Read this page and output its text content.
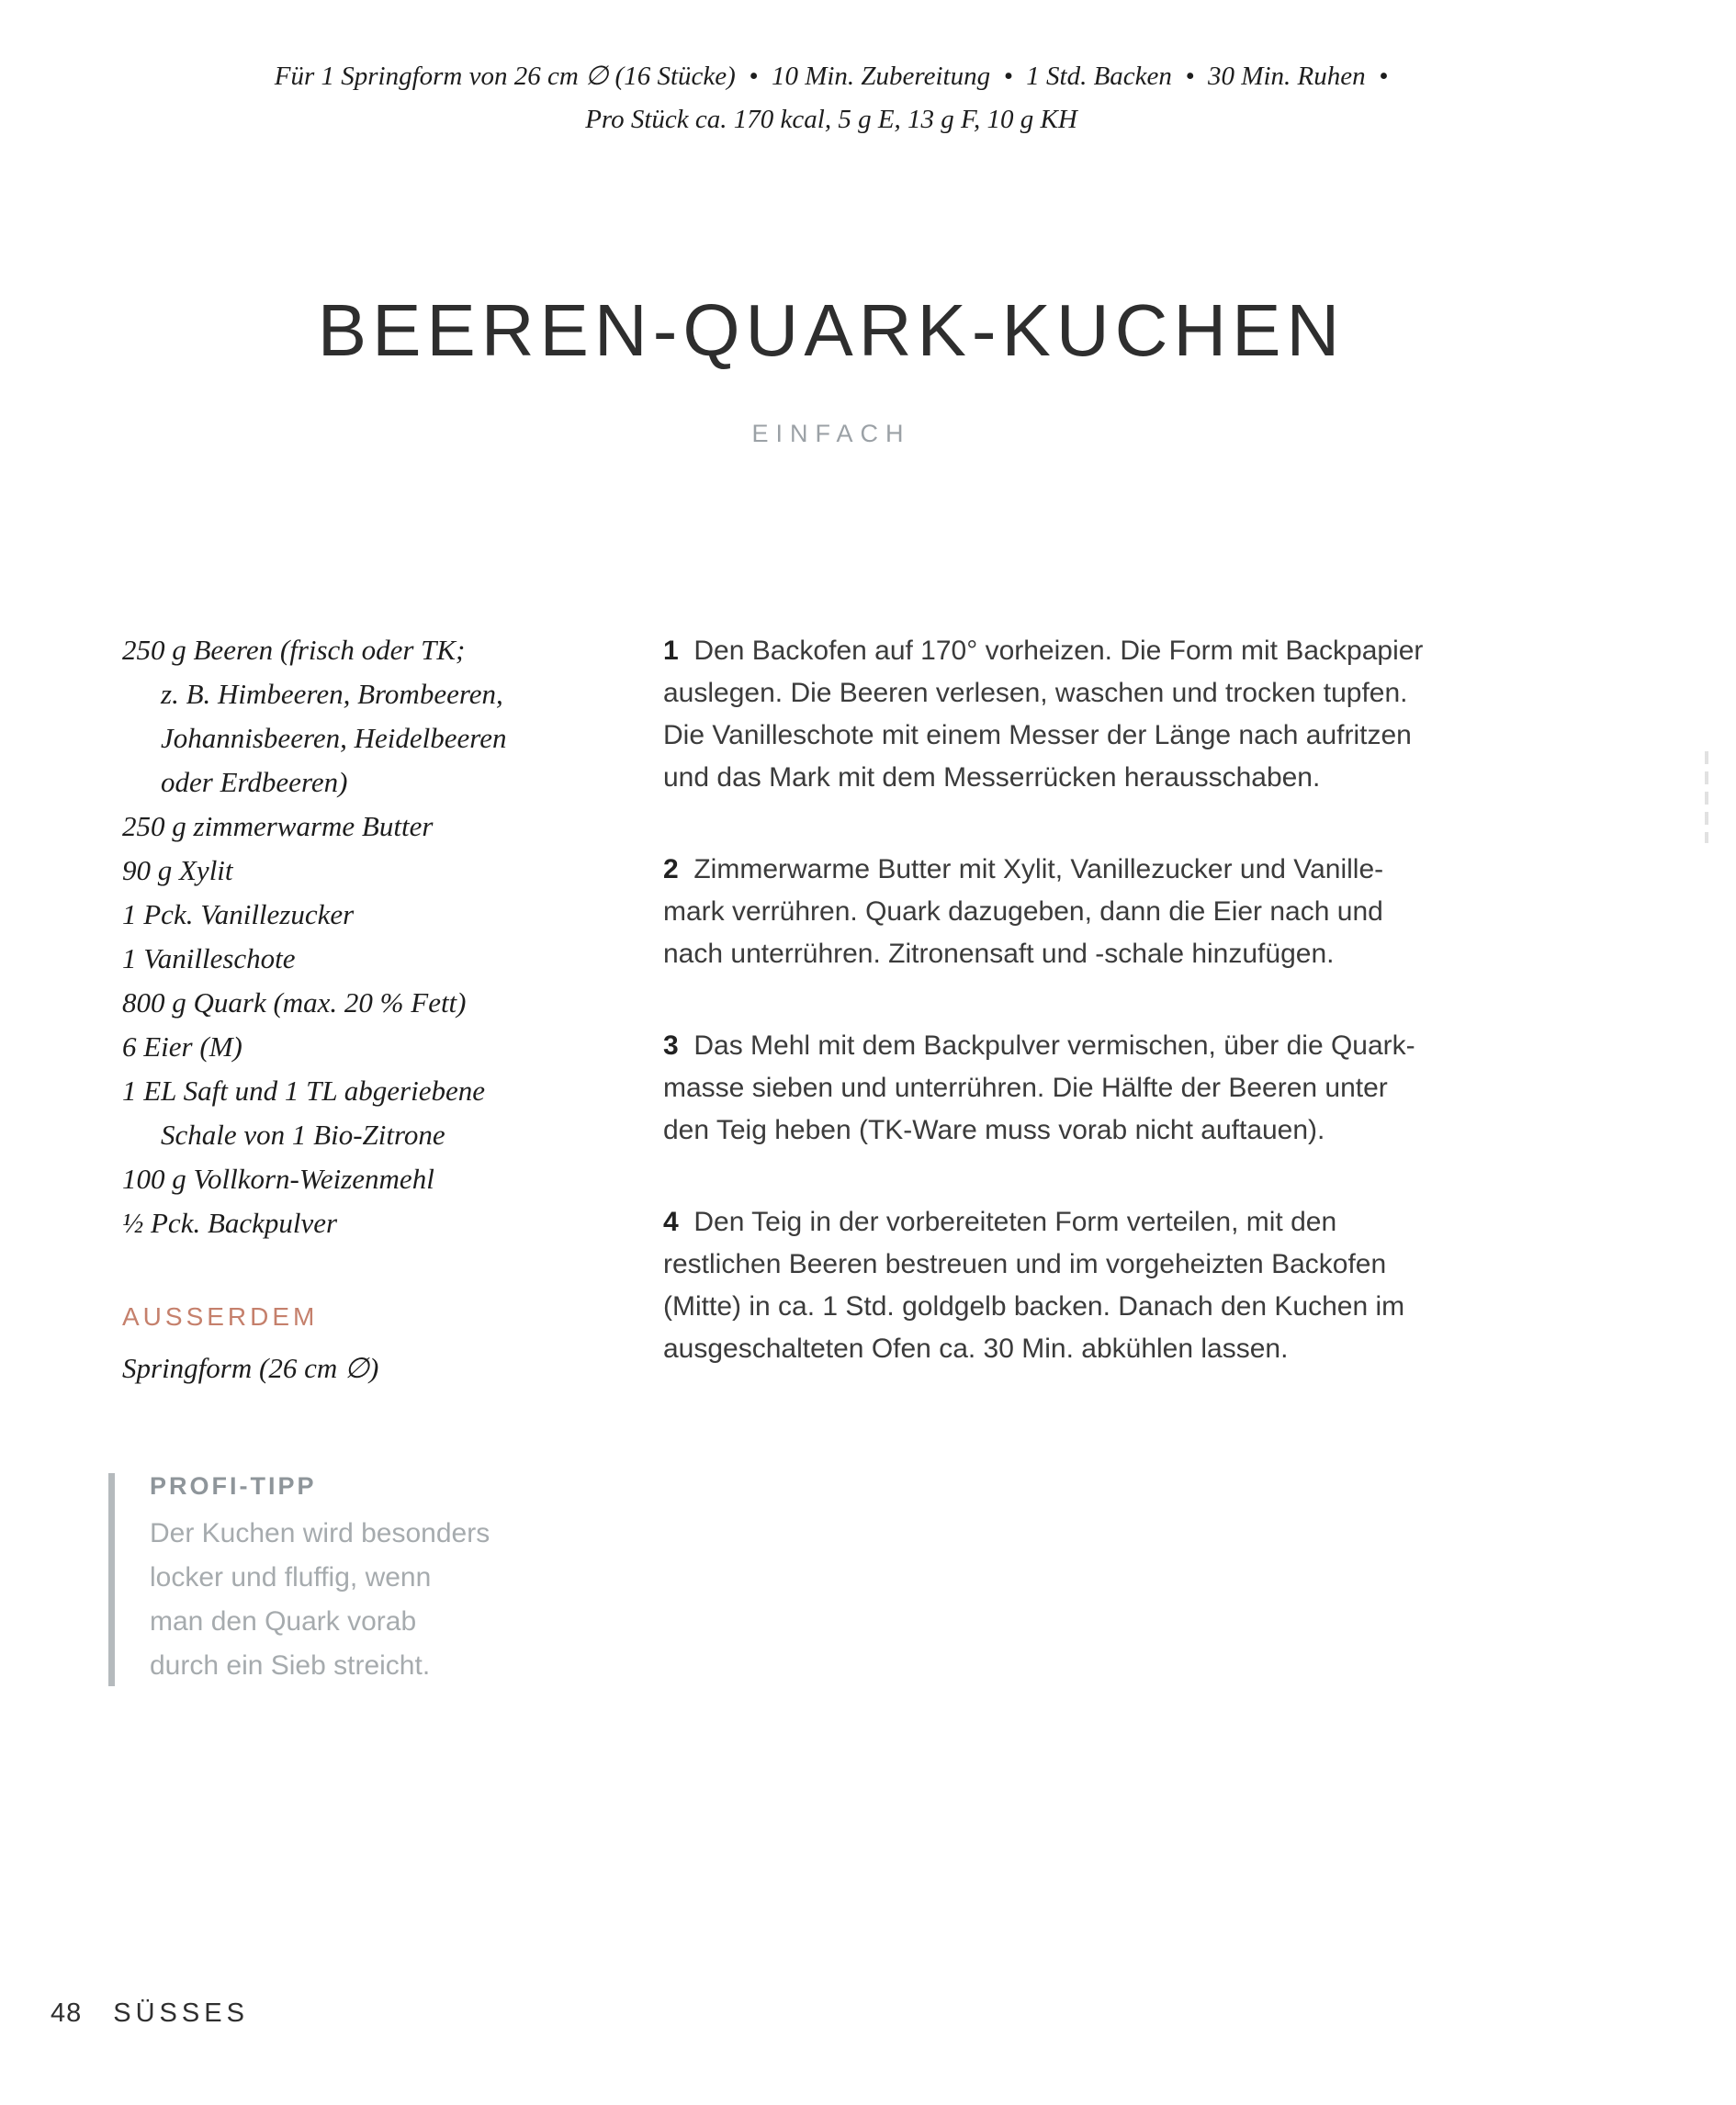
Für 1 Springform von 26 cm ∅ (16 Stücke)  •  10 Min. Zubereitung  •  1 Std. Backen  •  30 Min. Ruhen  •
Pro Stück ca. 170 kcal, 5 g E, 13 g F, 10 g KH
BEEREN-QUARK-KUCHEN
EINFACH
250 g Beeren (frisch oder TK;
z. B. Himbeeren, Brombeeren,
Johannisbeeren, Heidelbeeren
oder Erdbeeren)
250 g zimmerwarme Butter
90 g Xylit
1 Pck. Vanillezucker
1 Vanilleschote
800 g Quark (max. 20 % Fett)
6 Eier (M)
1 EL Saft und 1 TL abgeriebene
Schale von 1 Bio-Zitrone
100 g Vollkorn-Weizenmehl
½ Pck. Backpulver
AUSSERDEM
Springform (26 cm ∅)
1  Den Backofen auf 170° vorheizen. Die Form mit Backpapier
auslegen. Die Beeren verlesen, waschen und trocken tupfen.
Die Vanilleschote mit einem Messer der Länge nach aufritzen
und das Mark mit dem Messerrücken herausschaben.
2  Zimmerwarme Butter mit Xylit, Vanillezucker und Vanille-
mark verrühren. Quark dazugeben, dann die Eier nach und
nach unterrühren. Zitronensaft und -schale hinzufügen.
3  Das Mehl mit dem Backpulver vermischen, über die Quark-
masse sieben und unterrühren. Die Hälfte der Beeren unter
den Teig heben (TK-Ware muss vorab nicht auftauen).
4  Den Teig in der vorbereiteten Form verteilen, mit den
restlichen Beeren bestreuen und im vorgeheizten Backofen
(Mitte) in ca. 1 Std. goldgelb backen. Danach den Kuchen im
ausgeschalteten Ofen ca. 30 Min. abkühlen lassen.
PROFI-TIPP
Der Kuchen wird besonders
locker und fluffig, wenn
man den Quark vorab
durch ein Sieb streicht.
48 SÜSSES
